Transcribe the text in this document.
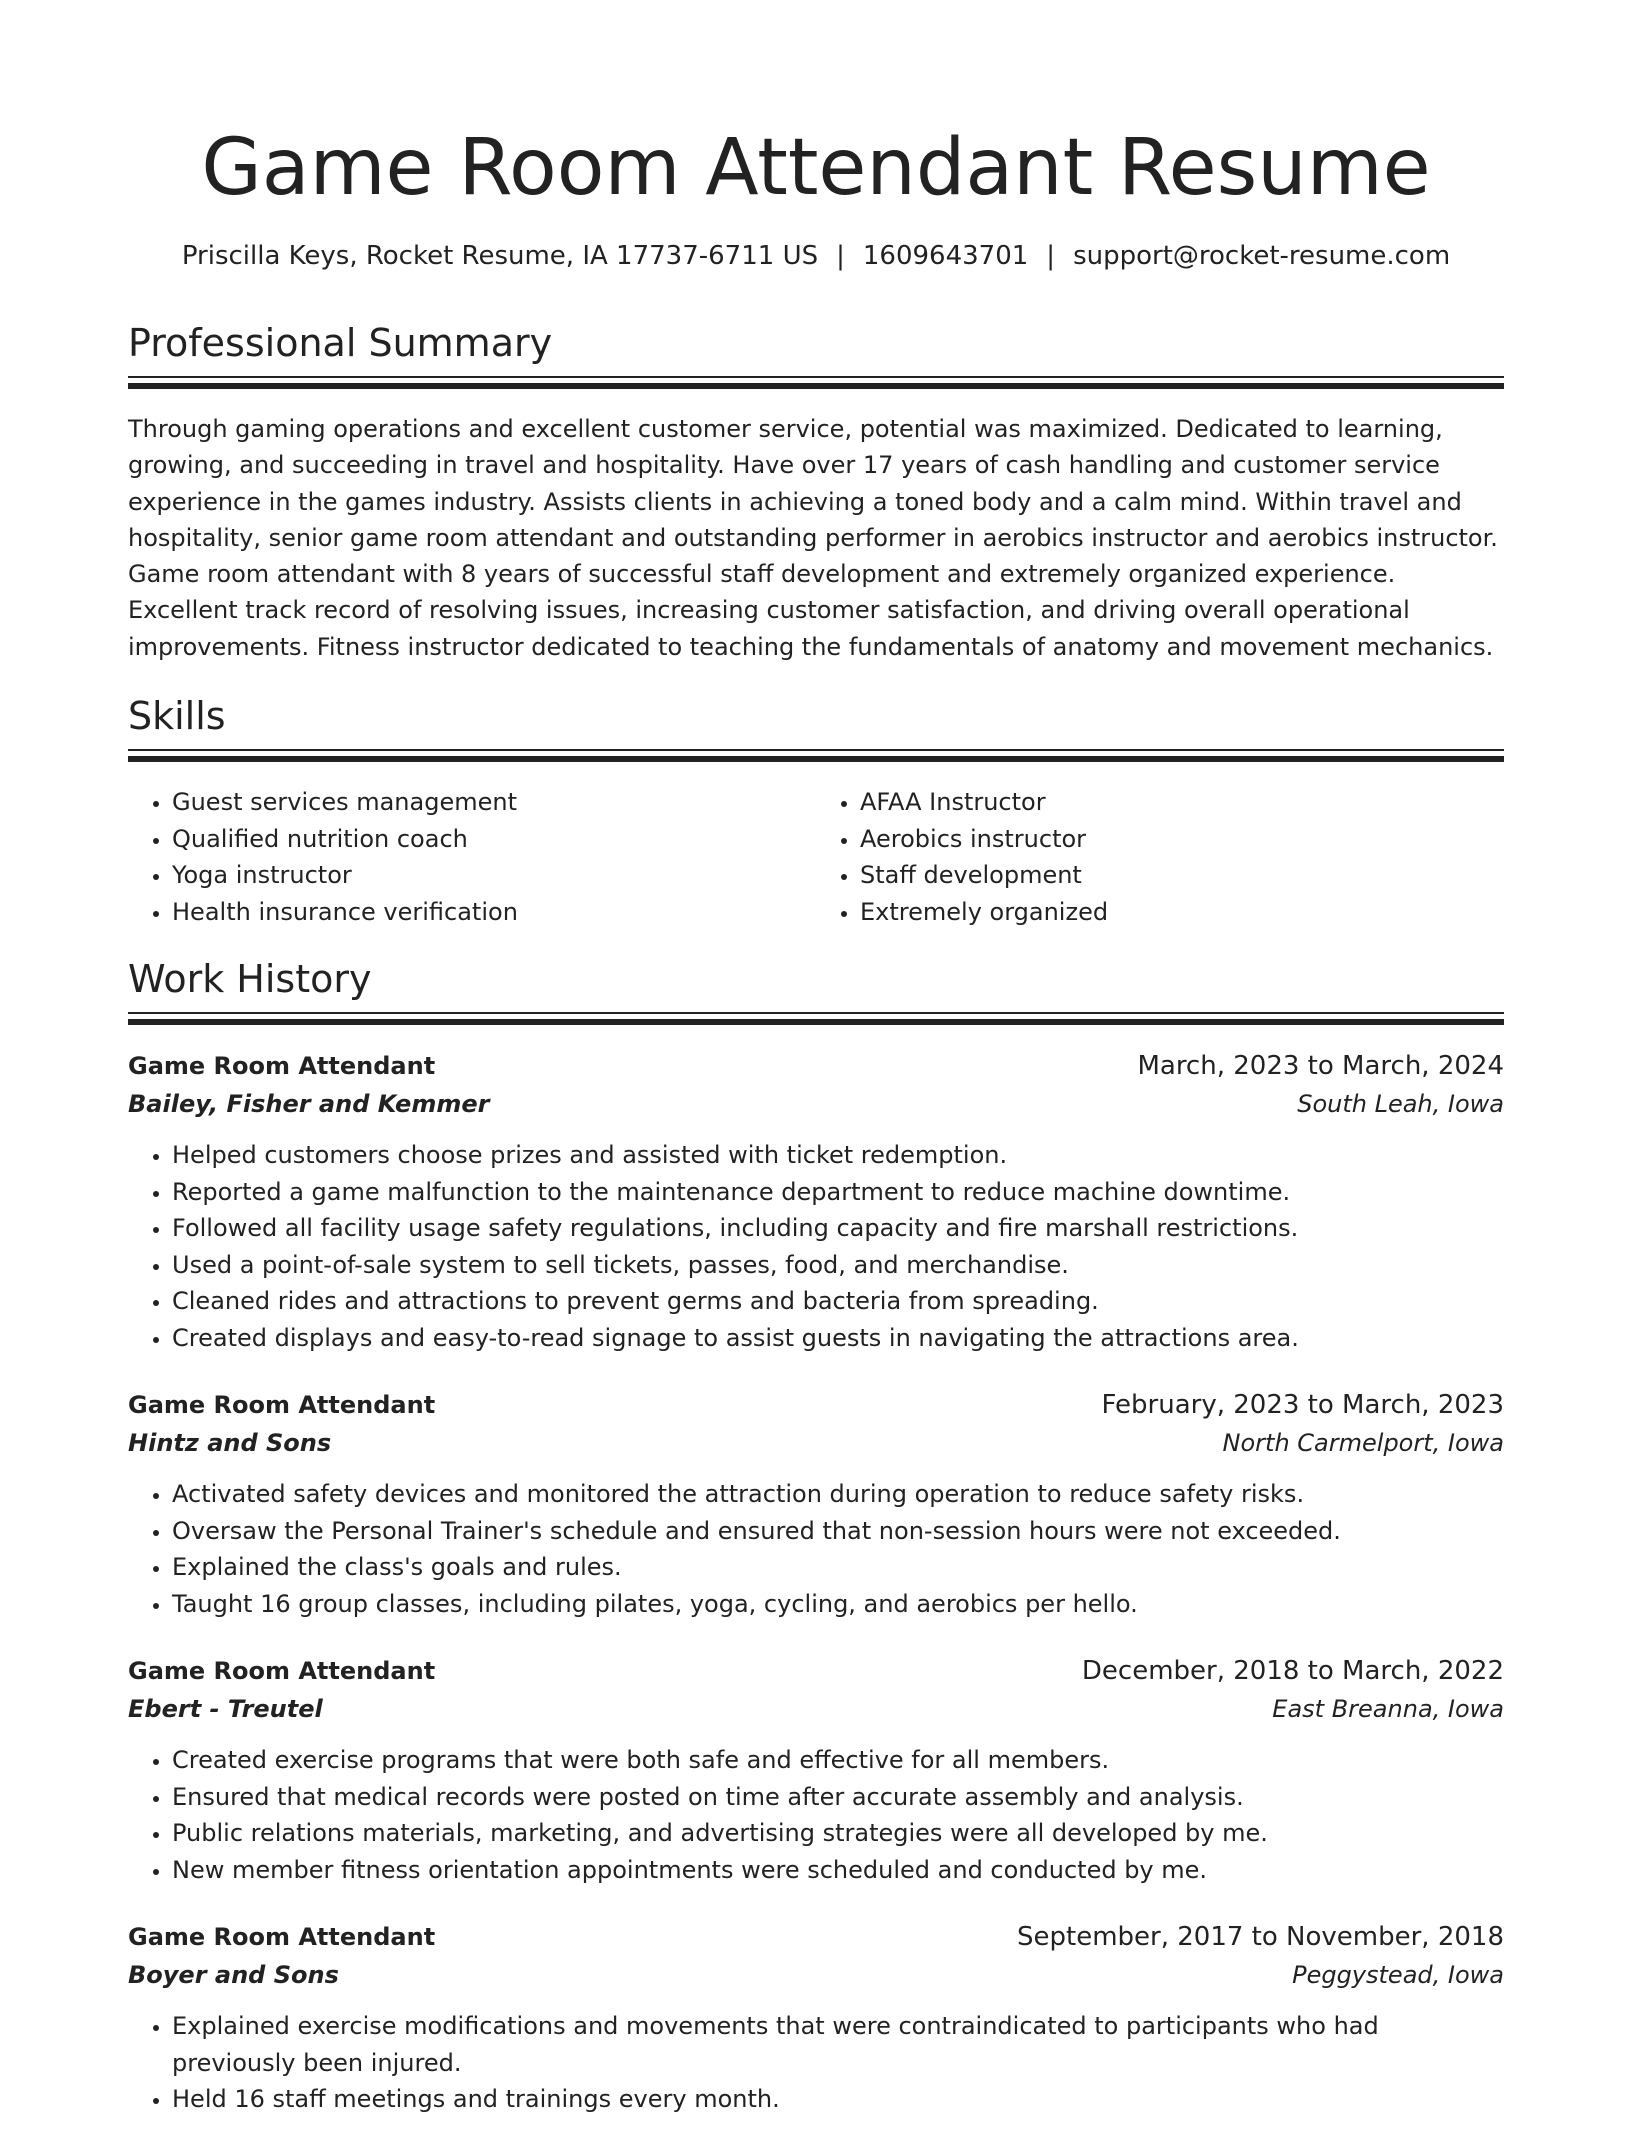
Game Room Attendant Resume
Priscilla Keys, Rocket Resume, IA 17737-6711 US | 1609643701 | support@rocket-resume.com
Professional Summary

Through gaming operations and excellent customer service, potential was maximized. Dedicated to learning, growing, and succeeding in travel and hospitality. Have over 17 years of cash handling and customer service experience in the games industry. Assists clients in achieving a toned body and a calm mind. Within travel and hospitality, senior game room attendant and outstanding performer in aerobics instructor and aerobics instructor. Game room attendant with 8 years of successful staff development and extremely organized experience. Excellent track record of resolving issues, increasing customer satisfaction, and driving overall operational improvements. Fitness instructor dedicated to teaching the fundamentals of anatomy and movement mechanics.

Skills
• Guest services management
• Qualified nutrition coach
• Yoga instructor
• Health insurance verification
• AFAA Instructor
• Aerobics instructor
• Staff development
• Extremely organized
Work History
Game Room Attendant	March, 2023 to March, 2024
Bailey, Fisher and Kemmer	South Leah, Iowa
• Helped customers choose prizes and assisted with ticket redemption.
• Reported a game malfunction to the maintenance department to reduce machine downtime.
• Followed all facility usage safety regulations, including capacity and fire marshall restrictions.
• Used a point-of-sale system to sell tickets, passes, food, and merchandise.
• Cleaned rides and attractions to prevent germs and bacteria from spreading.
• Created displays and easy-to-read signage to assist guests in navigating the attractions area.
Game Room Attendant	February, 2023 to March, 2023
Hintz and Sons	North Carmelport, Iowa
• Activated safety devices and monitored the attraction during operation to reduce safety risks.
• Oversaw the Personal Trainer's schedule and ensured that non-session hours were not exceeded.
• Explained the class's goals and rules.
• Taught 16 group classes, including pilates, yoga, cycling, and aerobics per hello.
Game Room Attendant	December, 2018 to March, 2022
Ebert - Treutel	East Breanna, Iowa
• Created exercise programs that were both safe and effective for all members.
• Ensured that medical records were posted on time after accurate assembly and analysis.
• Public relations materials, marketing, and advertising strategies were all developed by me.
• New member fitness orientation appointments were scheduled and conducted by me.
Game Room Attendant	September, 2017 to November, 2018
Boyer and Sons	Peggystead, Iowa
• Explained exercise modifications and movements that were contraindicated to participants who had previously been injured.
• Held 16 staff meetings and trainings every month.
